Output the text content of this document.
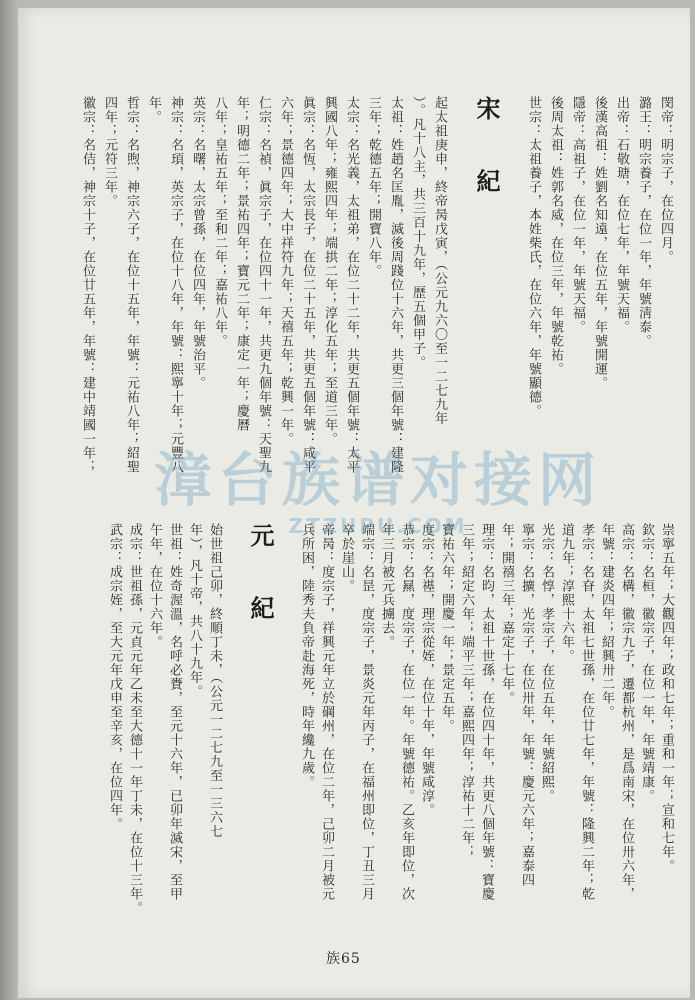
閔帝：明宗子，在位四月。
潞王：明宗養子，在位一年，年號淸泰。
出帝：石敬瑭，在位七年，年號天福。
後漢高祖：姓劉名知遠，在位五年，年號開運。
隱帝：高祖子，在位一年，年號天福。
後周太祖：姓郭名威，在位三年，年號乾祐。
世宗：太祖養子，本姓柴氏，在位六年，年號顯德。
宋 紀
起太祖庚申，終帝昺戊寅，（公元九六〇至一二七九年
）。凡十八主，共三百十九年，歷五個甲子。
太祖：姓趙名匡胤，滅後周踐位十六年，共更三個年號：建隆
三年；乾德五年；開寶八年。
太宗：名光義，太祖弟，在位二十二年，共更五個年號：太平
興國八年；雍熙四年；端拱二年；淳化五年；至道三年。
眞宗：名恆，太宗長子，在位二十五年，共更五個年號：咸平
六年；景德四年；大中祥符九年；天禧五年；乾興一年。
仁宗：名禎，眞宗子，在位四十一年，共更九個年號：天聖九
年；明德二年；景祐四年；寶元二年；康定一年；慶曆
八年；皇祐五年；至和二年；嘉祐八年。
英宗：名曙，太宗曾孫，在位四年，年號治平。
神宗：名頊，英宗子，在位十八年，年號：熙寧十年；元豐八
年。
哲宗：名煦，神宗六子，在位十五年，年號：元祐八年；紹聖
四年；元符三年。
徽宗：名佶，神宗十子，在位廿五年，年號：建中靖國一年；
崇寧五年；大觀四年；政和七年；重和一年；宣和七年。
欽宗：名桓，徽宗子，在位一年，年號靖康。
高宗：名構，徽宗九子，遷都杭州，是爲南宋，在位卅六年，
年號：建炎四年；紹興卅二年。
孝宗：名眘，太祖七世孫，在位廿七年，年號：隆興二年；乾
道九年；淳熙十六年。
光宗：名惇，孝宗子，在位五年，年號紹熙。
寧宗：名擴，光宗子，在位卅年，年號：慶元六年；嘉泰四
年；開禧三年；嘉定十七年。
理宗：名昀，太祖十世孫，在位四十年，共更八個年號：寶慶
三年；紹定六年；端平三年；嘉熙四年；淳祐十二年；
寶祐六年；開慶一年；景定五年。
度宗：名禥，理宗從姪，在位十年，年號咸淳。
恭宗：名㬎，度宗子，在位一年。年號德祐。乙亥年即位，次
年三月被元兵擄去。
端宗：名昰，度宗子，景炎元年丙子，在福州即位，丁丑三月
卒於崖山。
帝昺：度宗子，祥興元年立於碙州，在位二年，己卯二月被元
兵所困，陸秀夫負帝赴海死，時年纔九歲。
元 紀
始世祖己卯，終順丁未，（公元一二七九至一三六七
年），凡十帝，共八十九年。
世祖：姓奇渥溫，名呼必賚，至元十六年，已卯年滅宋，至甲
午年，在位十六年。
成宗：世祖孫，元貞元年乙未至大德十一年丁未，在位十三年。
武宗：成宗姪，至大元年戊申至辛亥，在位四年。
漳台族谱对接网
ZTZUPU.COM
族65
